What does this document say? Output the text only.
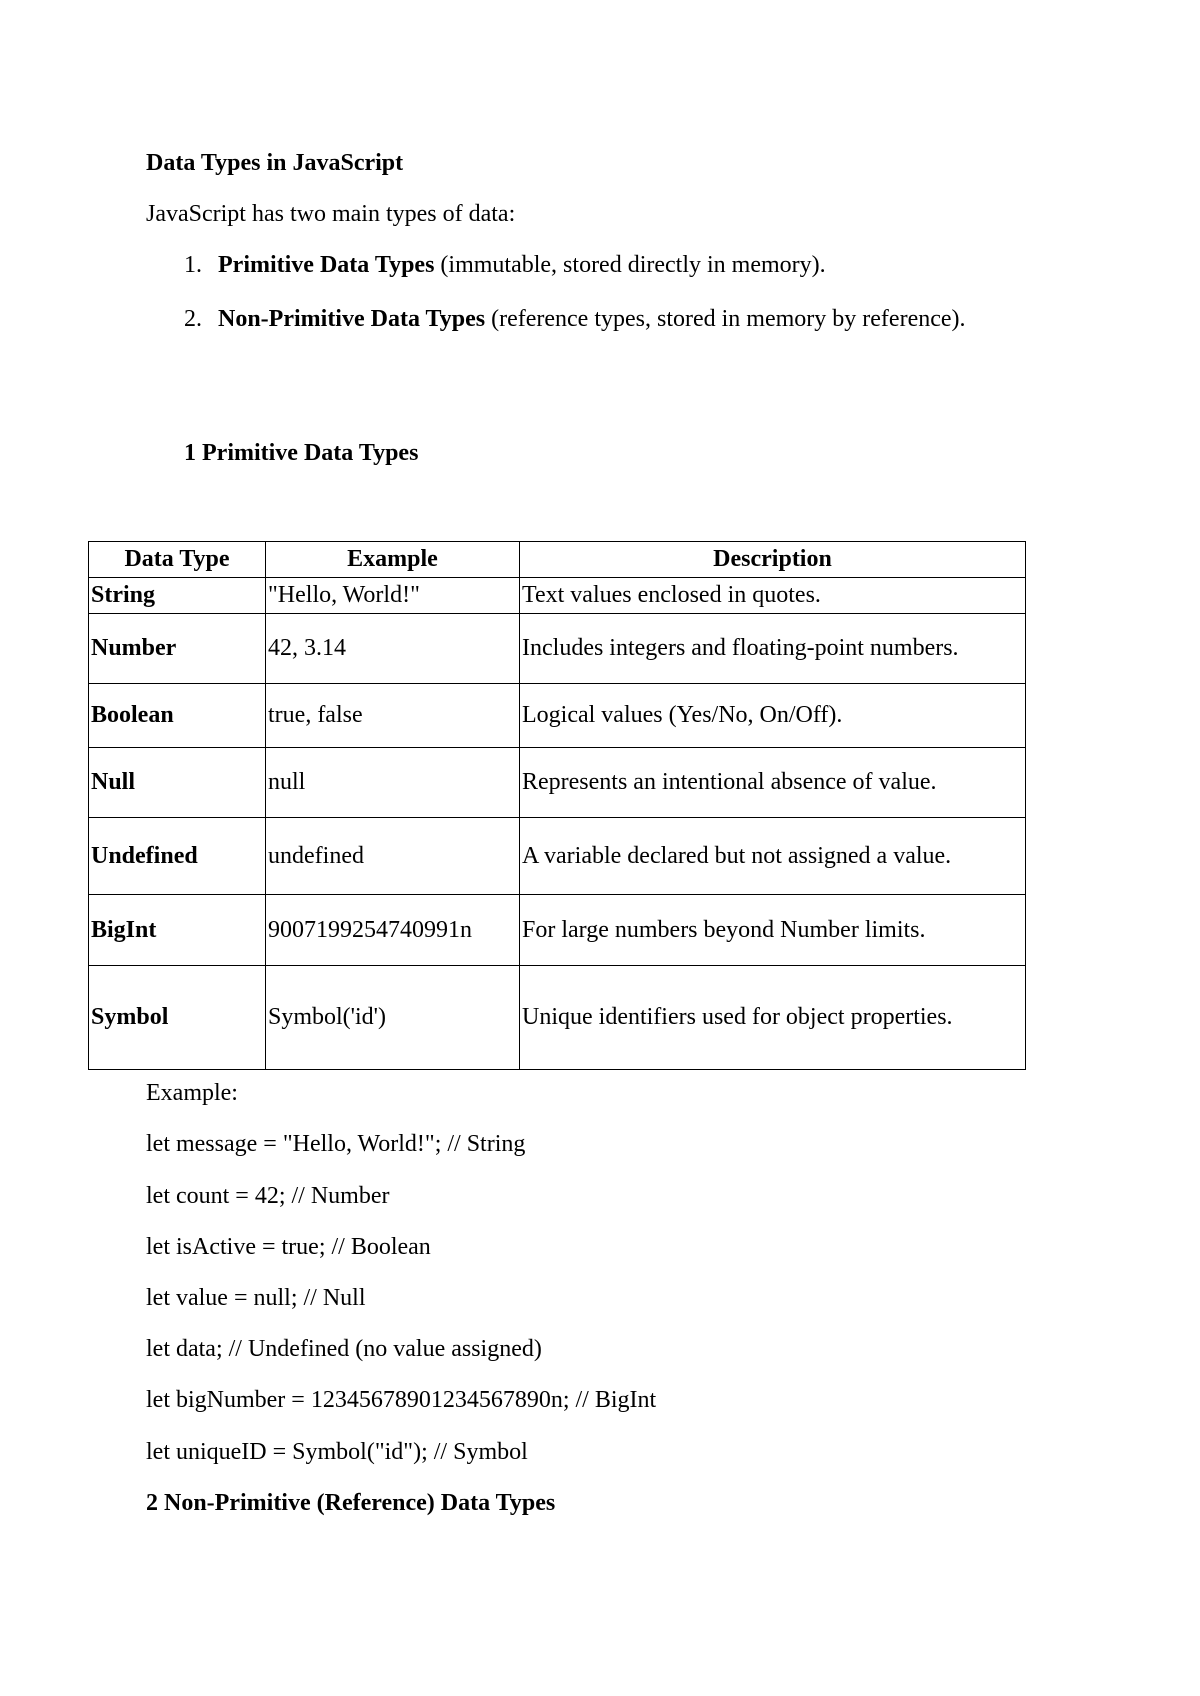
Data Types in JavaScript
JavaScript has two main types of data:
1. Primitive Data Types (immutable, stored directly in memory).
2. Non-Primitive Data Types (reference types, stored in memory by reference).
1 Primitive Data Types
Data Type	Example	Description
String	"Hello, World!"	Text values enclosed in quotes.
Number	42, 3.14	Includes integers and floating-point numbers.
Boolean	true, false	Logical values (Yes/No, On/Off).
Null	null	Represents an intentional absence of value.
Undefined	undefined	A variable declared but not assigned a value.
BigInt	9007199254740991n	For large numbers beyond Number limits.
Symbol	Symbol('id')	Unique identifiers used for object properties.
Example:
let message = "Hello, World!"; // String
let count = 42; // Number
let isActive = true; // Boolean
let value = null; // Null
let data; // Undefined (no value assigned)
let bigNumber = 12345678901234567890n; // BigInt
let uniqueID = Symbol("id"); // Symbol
2 Non-Primitive (Reference) Data Types
